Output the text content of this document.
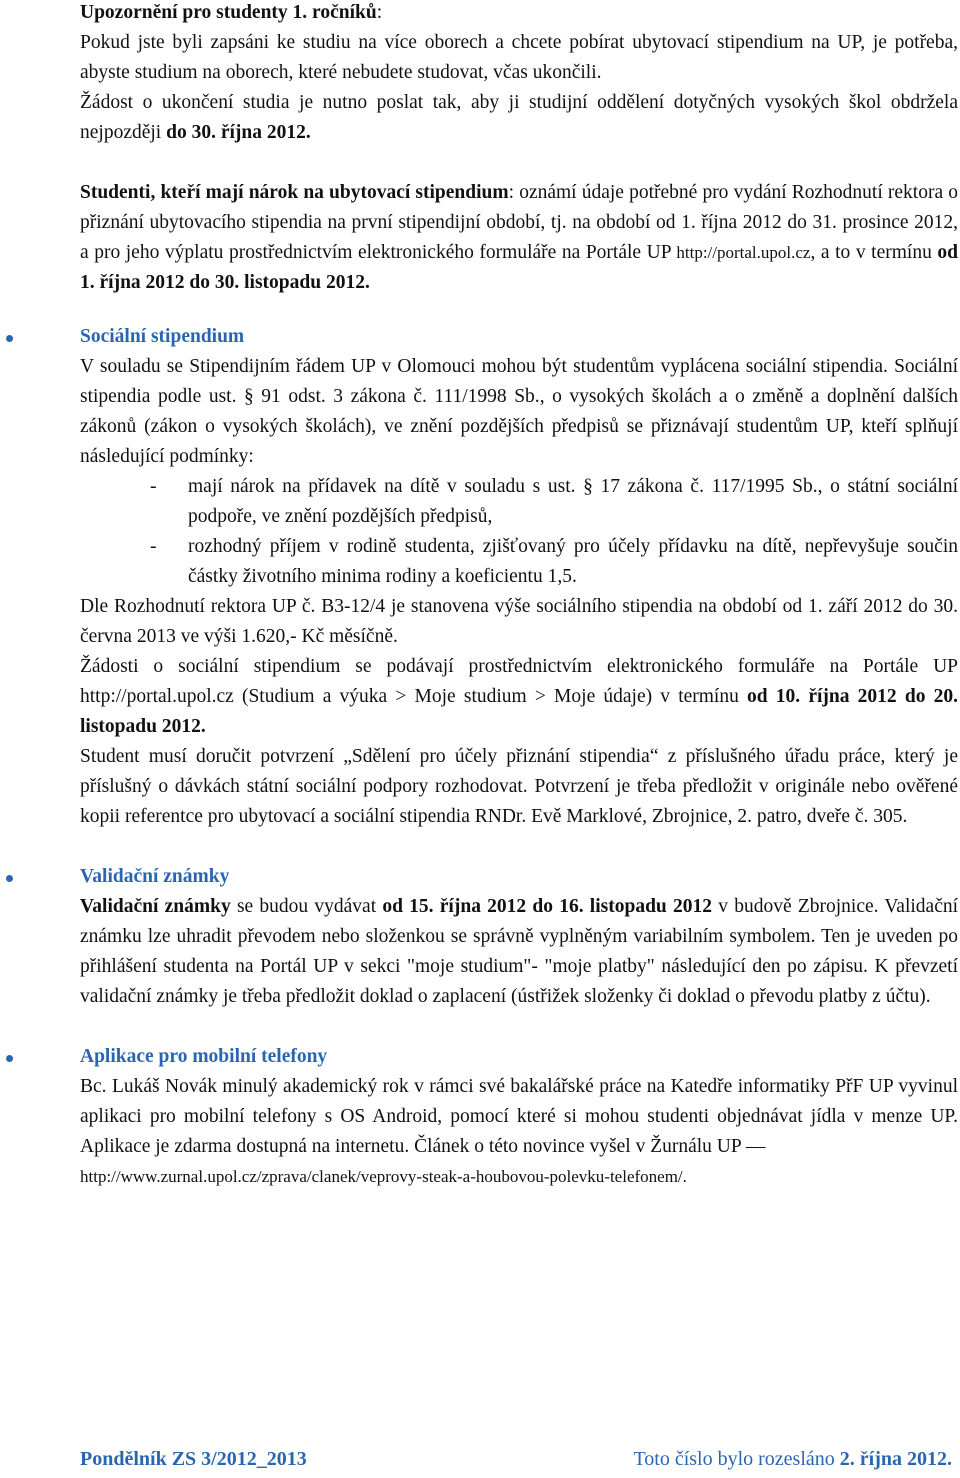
Upozornění pro studenty 1. ročníků:

Pokud jste byli zapsáni ke studiu na více oborech a chcete pobírat ubytovací stipendium na UP, je potřeba, abyste studium na oborech, které nebudete studovat, včas ukončili.

Žádost o ukončení studia je nutno poslat tak, aby ji studijní oddělení dotyčných vysokých škol obdržela nejpozději do 30. října 2012.

Studenti, kteří mají nárok na ubytovací stipendium: oznámí údaje potřebné pro vydání Rozhodnutí rektora o přiznání ubytovacího stipendia na první stipendijní období, tj. na období od 1. října 2012 do 31. prosince 2012, a pro jeho výplatu prostřednictvím elektronického formuláře na Portále UP http://portal.upol.cz, a to v termínu od 1. října 2012 do 30. listopadu 2012.

Sociální stipendium

V souladu se Stipendijním řádem UP v Olomouci mohou být studentům vyplácena sociální stipendia. Sociální stipendia podle ust. § 91 odst. 3 zákona č. 111/1998 Sb., o vysokých školách a o změně a doplnění dalších zákonů (zákon o vysokých školách), ve znění pozdějších předpisů se přiznávají studentům UP, kteří splňují následující podmínky:

- mají nárok na přídavek na dítě v souladu s ust. § 17 zákona č. 117/1995 Sb., o státní sociální podpoře, ve znění pozdějších předpisů,
- rozhodný příjem v rodině studenta, zjišťovaný pro účely přídavku na dítě, nepřevyšuje součin částky životního minima rodiny a koeficientu 1,5.

Dle Rozhodnutí rektora UP č. B3-12/4 je stanovena výše sociálního stipendia na období od 1. září 2012 do 30. června 2013 ve výši 1.620,- Kč měsíčně.

Žádosti o sociální stipendium se podávají prostřednictvím elektronického formuláře na Portále UP http://portal.upol.cz (Studium a výuka > Moje studium > Moje údaje) v termínu od 10. října 2012 do 20. listopadu 2012.

Student musí doručit potvrzení „Sdělení pro účely přiznání stipendia“ z příslušného úřadu práce, který je příslušný o dávkách státní sociální podpory rozhodovat. Potvrzení je třeba předložit v originále nebo ověřené kopii referentce pro ubytovací a sociální stipendia RNDr. Evě Marklové, Zbrojnice, 2. patro, dveře č. 305.

Validační známky

Validační známky se budou vydávat od 15. října 2012 do 16. listopadu 2012 v budově Zbrojnice. Validační známku lze uhradit převodem nebo složenkou se správně vyplněným variabilním symbolem. Ten je uveden po přihlášení studenta na Portál UP v sekci "moje studium"- "moje platby" následující den po zápisu. K převzetí validační známky je třeba předložit doklad o zaplacení (ústřižek složenky či doklad o převodu platby z účtu).

Aplikace pro mobilní telefony

Bc. Lukáš Novák minulý akademický rok v rámci své bakalářské práce na Katedře informatiky PřF UP vyvinul aplikaci pro mobilní telefony s OS Android, pomocí které si mohou studenti objednávat jídla v menze UP. Aplikace je zdarma dostupná na internetu. Článek o této novince vyšel v Žurnálu UP —

http://www.zurnal.upol.cz/zprava/clanek/veprovy-steak-a-houbovou-polevku-telefonem/.

Pondělník ZS 3/2012_2013	Toto číslo bylo rozesláno 2. října 2012.
